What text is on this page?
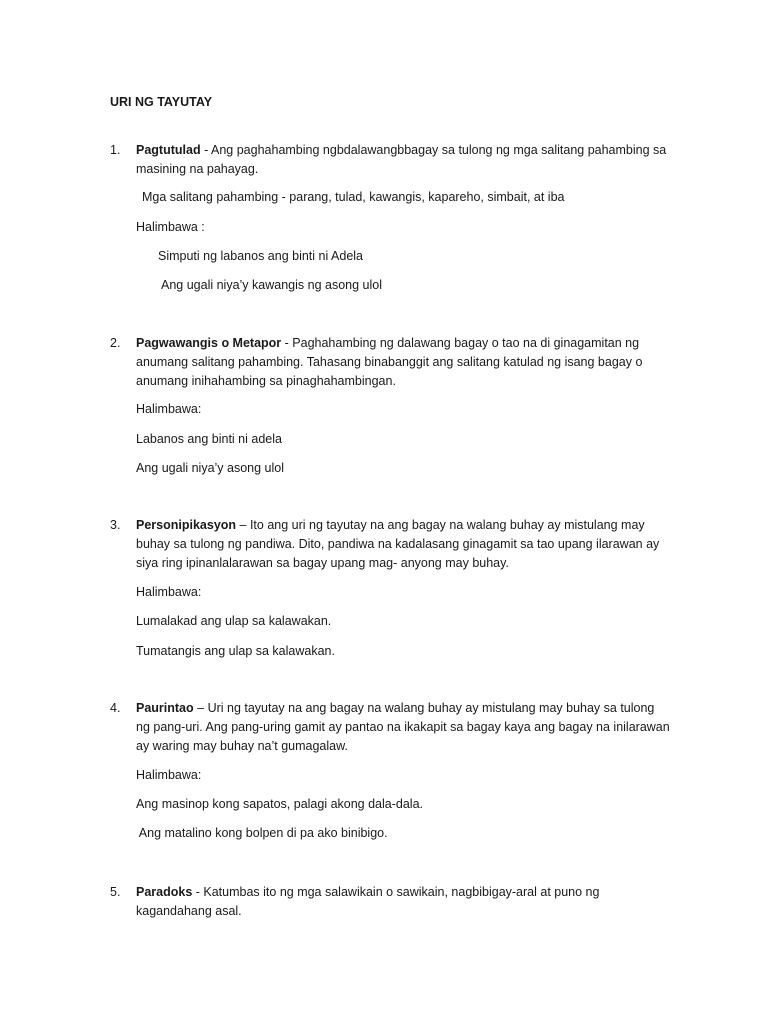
URI NG TAYUTAY
1.	Pagtutulad - Ang paghahambing ngbdalawangbbagay sa tulong ng mga salitang pahambing sa masining na pahayag.
Mga salitang pahambing - parang, tulad, kawangis, kapareho, simbait, at iba
Halimbawa :
Simputi ng labanos ang binti ni Adela
Ang ugali niya’y kawangis ng asong ulol
2.	Pagwawangis o Metapor - Paghahambing ng dalawang bagay o tao na di ginagamitan ng anumang salitang pahambing. Tahasang binabanggit ang salitang katulad ng isang bagay o anumang inihahambing sa pinaghahambingan.
Halimbawa:
Labanos ang binti ni adela
Ang ugali niya’y asong ulol
3.	Personipikasyon – Ito ang uri ng tayutay na ang bagay na walang buhay ay mistulang may buhay sa tulong ng pandiwa. Dito, pandiwa na kadalasang ginagamit sa tao upang ilarawan ay siya ring ipinanlalarawan sa bagay upang mag- anyong may buhay.
Halimbawa:
Lumalakad ang ulap sa kalawakan.
Tumatangis ang ulap sa kalawakan.
4.	Paurintao – Uri ng tayutay na ang bagay na walang buhay ay mistulang may buhay sa tulong ng pang-uri. Ang pang-uring gamit ay pantao na ikakapit sa bagay kaya ang bagay na inilarawan ay waring may buhay na’t gumagalaw.
Halimbawa:
Ang masinop kong sapatos, palagi akong dala-dala.
Ang matalino kong bolpen di pa ako binibigo.
5.	Paradoks - Katumbas ito ng mga salawikain o sawikain, nagbibigay-aral at puno ng kagandahang asal.
